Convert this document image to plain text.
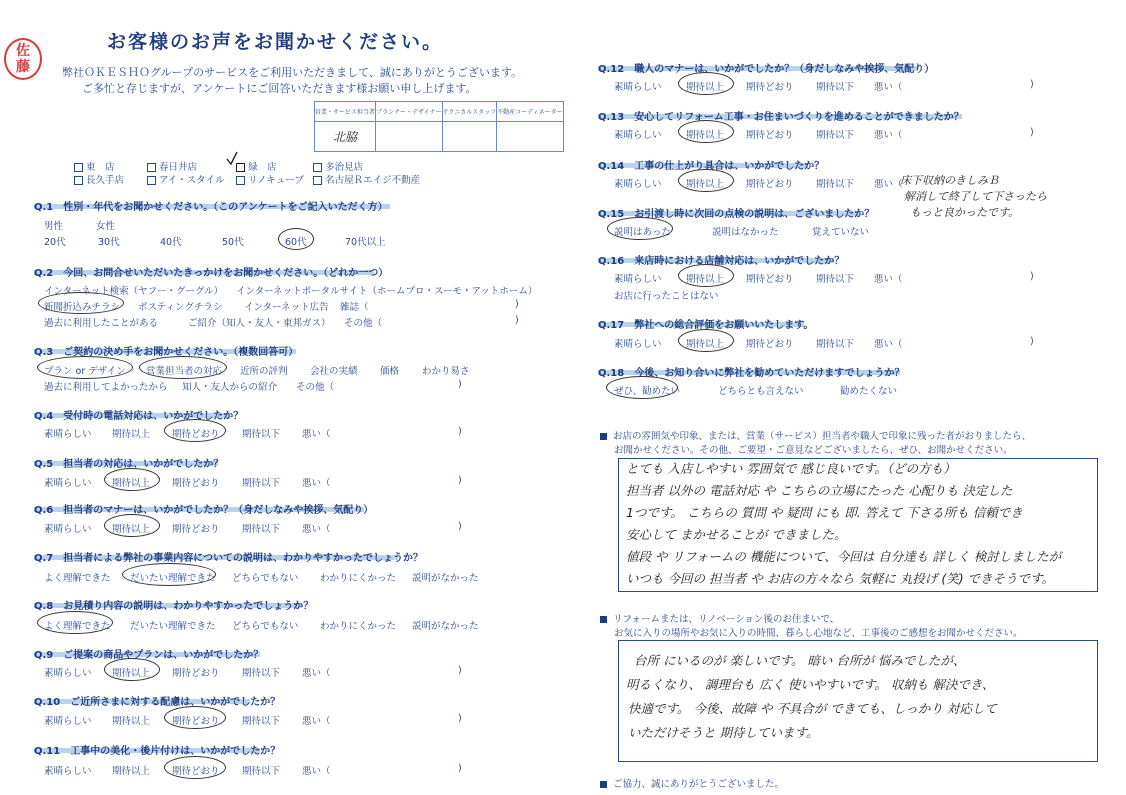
佐
藤
お客様のお声をお聞かせください。
弊社ＯＫＥＳＨＯグループのサービスをご利用いただきまして、誠にありがとうございます。
ご多忙と存じますが、アンケートにご回答いただきます様お願い申し上げます。
営業・サービス担当者	プランナー・デザイナー	テクニカルスタッフ	不動産コーディネーター
北脇			
東　店	春日井店	緑　店	多治見店
長久手店	アイ・スタイル リノキューブ 名古屋Ｒエイジ不動産
Q.1　性別・年代をお聞かせください。（このアンケートをご記入いただく方）
男性	女性
20代	30代	40代	50代	60代	70代以上
Q.2　今回、お問合せいただいたきっかけをお聞かせください。（どれか一つ）
インターネット検索（ヤフー・グーグル） インターネットポータルサイト（ホームプロ・スーモ・アットホーム）
新聞折込みチラシ ポスティングチラシ インターネット広告 雑誌（	)
過去に利用したことがある	ご紹介（知人・友人・東邦ガス） その他（	)
Q.3　ご契約の決め手をお聞かせください。（複数回答可）
プラン or デザイン 営業担当者の対応 近所の評判 会社の実績 価格 わかり易さ
過去に利用してよかったから 知人・友人からの紹介 その他（	)
Q.4　受付時の電話対応は、いかがでしたか？
素晴らしい 期待以上 期待どおり 期待以下 悪い（	)
Q.5　担当者の対応は、いかがでしたか？
素晴らしい 期待以上 期待どおり 期待以下 悪い（	)
Q.6　担当者のマナーは、いかがでしたか？（身だしなみや挨拶、気配り）
素晴らしい 期待以上 期待どおり 期待以下 悪い（	)
Q.7　担当者による弊社の事業内容についての説明は、わかりやすかったでしょうか？
よく理解できた だいたい理解できた どちらでもない わかりにくかった 説明がなかった
Q.8　お見積り内容の説明は、わかりやすかったでしょうか？
よく理解できた だいたい理解できた どちらでもない わかりにくかった 説明がなかった
Q.9　ご提案の商品やプランは、いかがでしたか？
素晴らしい 期待以上 期待どおり 期待以下 悪い（	)
Q.10　ご近所さまに対する配慮は、いかがでしたか？
素晴らしい 期待以上 期待どおり 期待以下 悪い（	)
Q.11　工事中の美化・後片付けは、いかがでしたか？
素晴らしい 期待以上 期待どおり 期待以下 悪い（	)
Q.12　職人のマナーは、いかがでしたか？（身だしなみや挨拶、気配り）
素晴らしい	期待以上 期待どおり 期待以下 悪い（	)
Q.13　安心してリフォーム工事・お住まいづくりを進めることができましたか？
素晴らしい	期待以上 期待どおり 期待以下 悪い（	)
Q.14　工事の仕上がり具合は、いかがでしたか？
素晴らしい	期待以上 期待どおり 期待以下 悪い（
床下収納のきしみＢ
解消して終了して下さったら
もっと良かったです。
Q.15　お引渡し時に次回の点検の説明は、ございましたか？
説明はあった	説明はなかった	覚えていない
Q.16　来店時における店舗対応は、いかがでしたか？
素晴らしい	期待以上 期待どおり 期待以下 悪い（	)
お店に行ったことはない
Q.17　弊社への総合評価をお願いいたします。
素晴らしい	期待以上 期待どおり 期待以下 悪い（	)
Q.18　今後、お知り合いに弊社を勧めていただけますでしょうか？
ぜひ、勧めたい	どちらとも言えない	勧めたくない
お店の雰囲気や印象、または、営業（サービス）担当者や職人で印象に残った者がおりましたら、
お聞かせください。その他、ご要望・ご意見などございましたら、ぜひ、お聞かせください。
とても 入店しやすい 雰囲気で 感じ良いです。（どの方も）
担当者 以外の 電話対応 や こちらの立場にたった 心配りも 決定した
1つです。 こちらの 質問 や 疑問 にも 即. 答えて 下さる所も 信頼でき
安心して まかせることが できました。
値段 や リフォームの 機能について、今回は 自分達も 詳しく 検討しましたが
いつも 今回の 担当者 や お店の方々なら 気軽に 丸投げ (笑) できそうです。
リフォームまたは、リノベーション後のお住まいで、
お気に入りの場所やお気に入りの時間、暮らし心地など、工事後のご感想をお聞かせください。
台所 にいるのが 楽しいです。 暗い 台所が 悩みでしたが、
明るくなり、 調理台も 広く 使いやすいです。 収納も 解決でき、
快適です。 今後、故障 や 不具合が できても、しっかり 対応して
いただけそうと 期待しています。
ご協力、誠にありがとうございました。
